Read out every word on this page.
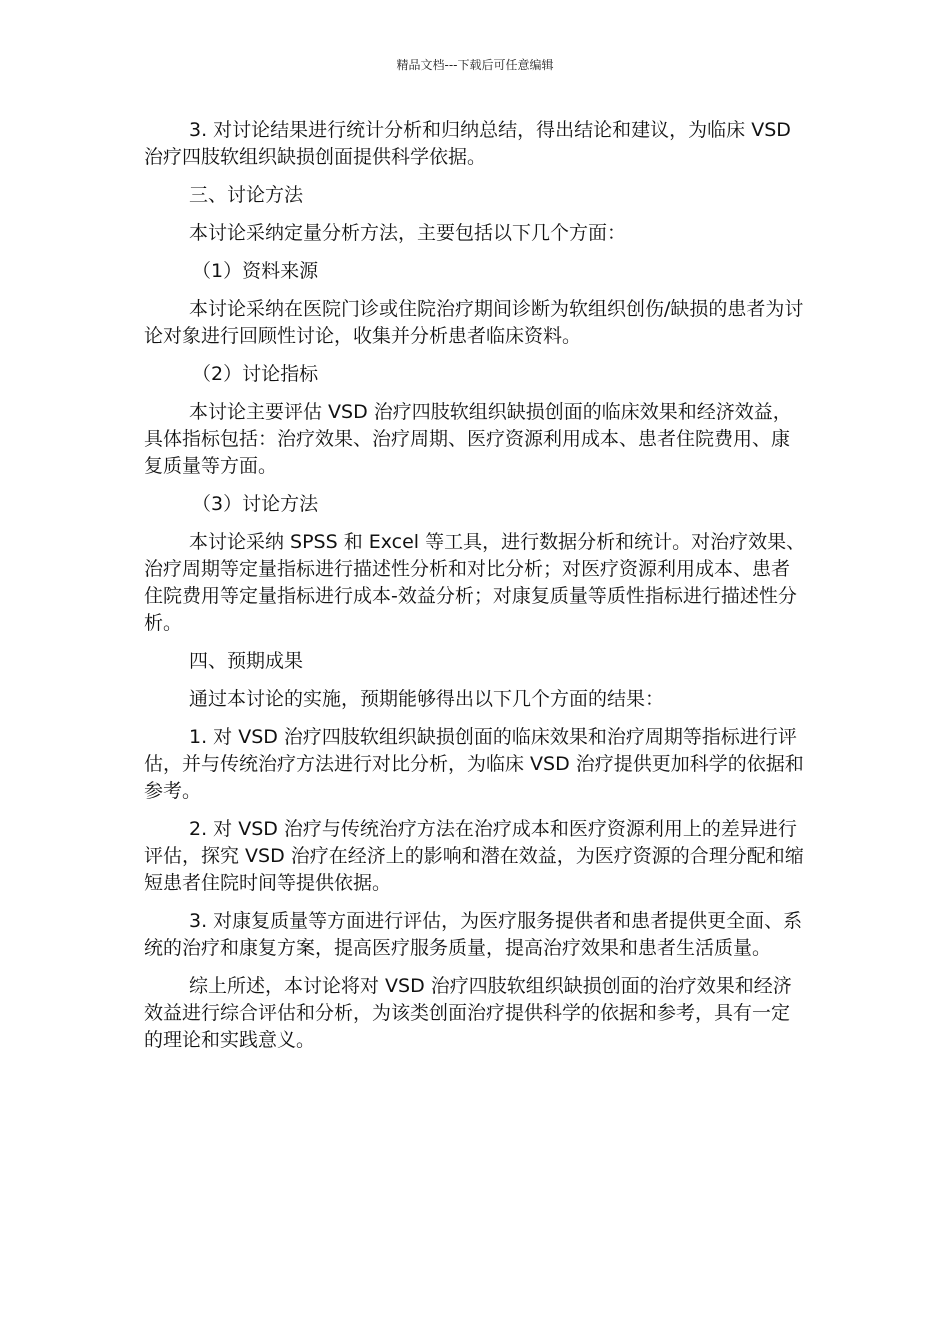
精品文档---下载后可任意编辑

3. 对讨论结果进行统计分析和归纳总结，得出结论和建议，为临床 VSD 治疗四肢软组织缺损创面提供科学依据。

三、讨论方法

本讨论采纳定量分析方法，主要包括以下几个方面：

（1）资料来源

本讨论采纳在医院门诊或住院治疗期间诊断为软组织创伤/缺损的患者为讨论对象进行回顾性讨论，收集并分析患者临床资料。

（2）讨论指标

本讨论主要评估 VSD 治疗四肢软组织缺损创面的临床效果和经济效益，具体指标包括：治疗效果、治疗周期、医疗资源利用成本、患者住院费用、康复质量等方面。

（3）讨论方法

本讨论采纳 SPSS 和 Excel 等工具，进行数据分析和统计。对治疗效果、治疗周期等定量指标进行描述性分析和对比分析；对医疗资源利用成本、患者住院费用等定量指标进行成本-效益分析；对康复质量等质性指标进行描述性分析。

四、预期成果

通过本讨论的实施，预期能够得出以下几个方面的结果：

1. 对 VSD 治疗四肢软组织缺损创面的临床效果和治疗周期等指标进行评估，并与传统治疗方法进行对比分析，为临床 VSD 治疗提供更加科学的依据和参考。

2. 对 VSD 治疗与传统治疗方法在治疗成本和医疗资源利用上的差异进行评估，探究 VSD 治疗在经济上的影响和潜在效益，为医疗资源的合理分配和缩短患者住院时间等提供依据。

3. 对康复质量等方面进行评估，为医疗服务提供者和患者提供更全面、系统的治疗和康复方案，提高医疗服务质量，提高治疗效果和患者生活质量。

综上所述，本讨论将对 VSD 治疗四肢软组织缺损创面的治疗效果和经济效益进行综合评估和分析，为该类创面治疗提供科学的依据和参考，具有一定的理论和实践意义。
